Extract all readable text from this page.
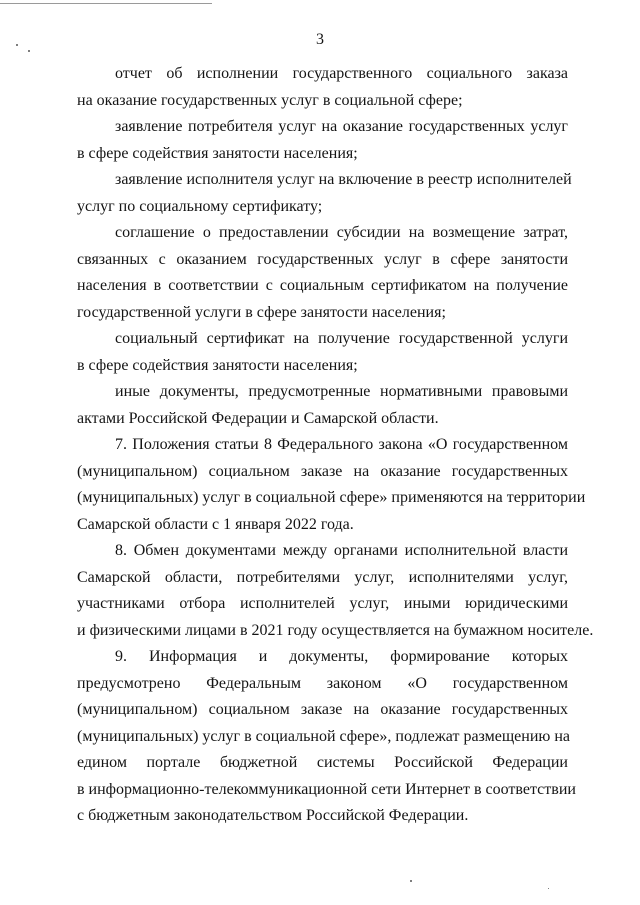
3

отчет об исполнении государственного социального заказа
на оказание государственных услуг в социальной сфере;

заявление потребителя услуг на оказание государственных услуг
в сфере содействия занятости населения;

заявление исполнителя услуг на включение в реестр исполнителей
услуг по социальному сертификату;

соглашение о предоставлении субсидии на возмещение затрат,
связанных с оказанием государственных услуг в сфере занятости
населения в соответствии с социальным сертификатом на получение
государственной услуги в сфере занятости населения;

социальный сертификат на получение государственной услуги
в сфере содействия занятости населения;

иные документы, предусмотренные нормативными правовыми
актами Российской Федерации и Самарской области.

7. Положения статьи 8 Федерального закона «О государственном
(муниципальном) социальном заказе на оказание государственных
(муниципальных) услуг в социальной сфере» применяются на территории
Самарской области с 1 января 2022 года.

8. Обмен документами между органами исполнительной власти
Самарской области, потребителями услуг, исполнителями услуг,
участниками отбора исполнителей услуг, иными юридическими
и физическими лицами в 2021 году осуществляется на бумажном носителе.

9. Информация и документы, формирование которых
предусмотрено Федеральным законом «О государственном
(муниципальном) социальном заказе на оказание государственных
(муниципальных) услуг в социальной сфере», подлежат размещению на
едином портале бюджетной системы Российской Федерации
в информационно-телекоммуникационной сети Интернет в соответствии
с бюджетным законодательством Российской Федерации.
